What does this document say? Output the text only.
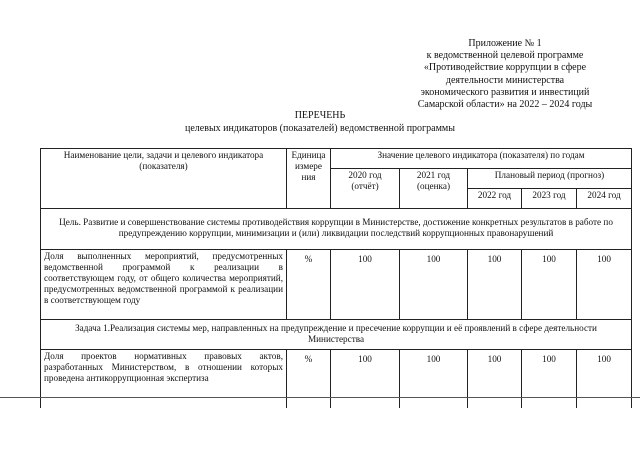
Приложение № 1
к ведомственной целевой программе
«Противодействие коррупции в сфере
деятельности министерства
экономического развития и инвестиций
Самарской области» на 2022 – 2024 годы
ПЕРЕЧЕНЬ
целевых индикаторов (показателей) ведомственной программы
Наименование цели, задачи и целевого индикатора (показателя)	Единица измере ния	Значение целевого индикатора (показателя) по годам				
		2020 год (отчёт)	2021 год (оценка)	Плановый период (прогноз)		
				2022 год	2023 год	2024 год
Цель. Развитие и совершенствование системы противодействия коррупции в Министерстве, достижение конкретных результатов в работе по предупреждению коррупции, минимизации и (или) ликвидации последствий коррупционных правонарушений						
Доля выполненных мероприятий, предусмотренных ведомственной программой к реализации в соответствующем году, от общего количества мероприятий, предусмотренных ведомственной программой к реализации в соответствующем году	%	100	100	100	100	100
Задача 1.Реализация системы мер, направленных на предупреждение и пресечение коррупции и её проявлений в сфере деятельности Министерства						
Доля проектов нормативных правовых актов, разработанных Министерством, в отношении которых проведена антикоррупционная экспертиза	%	100	100	100	100	100
